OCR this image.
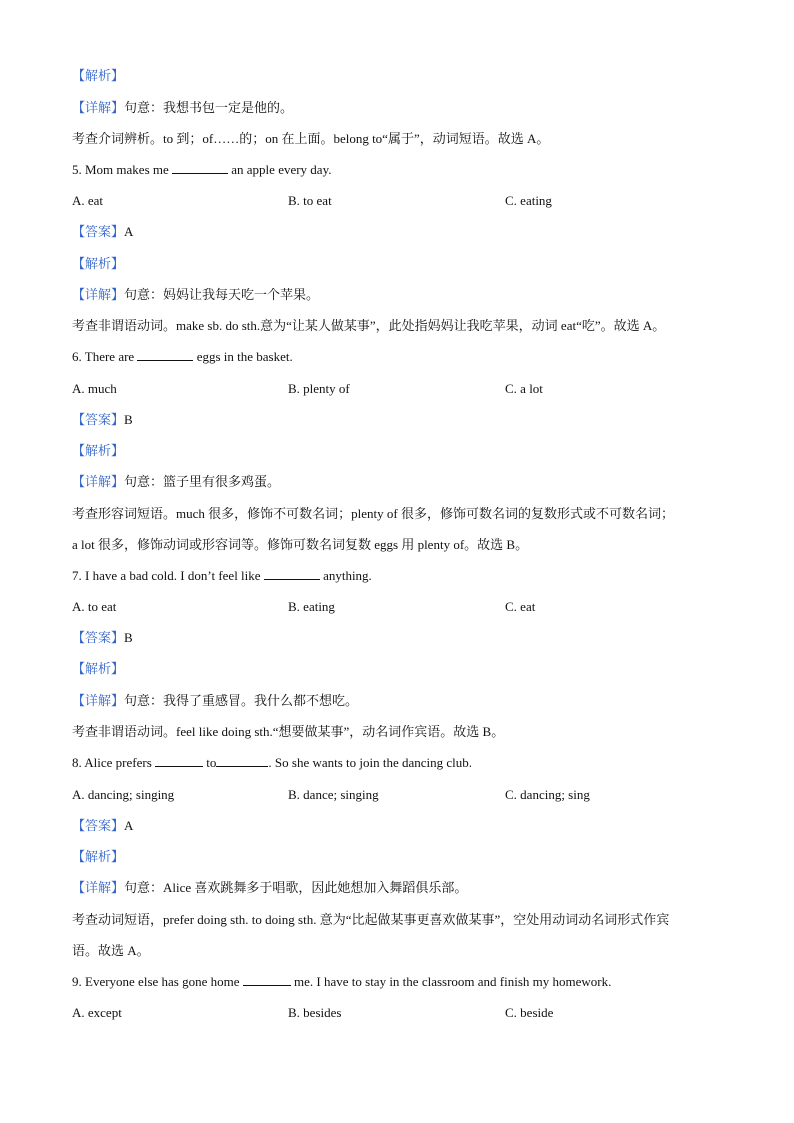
【解析】
【详解】句意：我想书包一定是他的。
考查介词辨析。to 到；of……的；on 在上面。belong to“属于”，动词短语。故选 A。
5. Mom makes me	an apple every day.
A. eat	B. to eat	C. eating
【答案】A
【解析】
【详解】句意：妈妈让我每天吃一个苹果。
考查非谓语动词。make sb. do sth.意为“让某人做某事”，此处指妈妈让我吃苹果，动词 eat“吃”。故选 A。
6. There are	eggs in the basket.
A. much	B. plenty of	C. a lot
【答案】B
【解析】
【详解】句意：篮子里有很多鸡蛋。
考查形容词短语。much 很多，修饰不可数名词；plenty of 很多，修饰可数名词的复数形式或不可数名词；
a lot 很多，修饰动词或形容词等。修饰可数名词复数 eggs 用 plenty of。故选 B。
7. I have a bad cold. I don’t feel like	anything.
A. to eat	B. eating	C. eat
【答案】B
【解析】
【详解】句意：我得了重感冒。我什么都不想吃。
考查非谓语动词。feel like doing sth.“想要做某事”，动名词作宾语。故选 B。
8. Alice prefers	to	. So she wants to join the dancing club.
A. dancing; singing	B. dance; singing	C. dancing; sing
【答案】A
【解析】
【详解】句意：Alice 喜欢跳舞多于唱歌，因此她想加入舞蹈俱乐部。
考查动词短语，prefer doing sth. to doing sth. 意为“比起做某事更喜欢做某事”，空处用动词动名词形式作宾
语。故选 A。
9. Everyone else has gone home	me. I have to stay in the classroom and finish my homework.
A. except	B. besides	C. beside
